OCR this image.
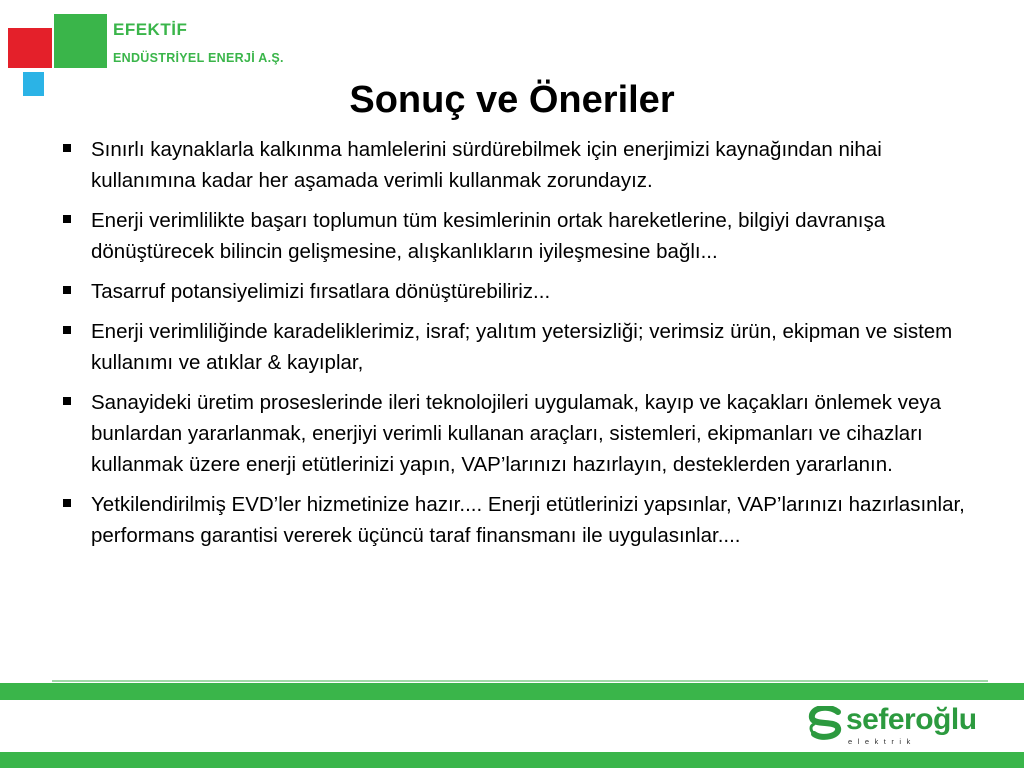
EFEKTİF
ENDÜSTRİYEL ENERJİ A.Ş.
Sonuç ve Öneriler
Sınırlı kaynaklarla kalkınma hamlelerini sürdürebilmek için enerjimizi kaynağından nihai kullanımına kadar her aşamada verimli kullanmak zorundayız.
Enerji verimlilikte başarı toplumun tüm kesimlerinin ortak hareketlerine, bilgiyi davranışa dönüştürecek bilincin gelişmesine, alışkanlıkların iyileşmesine bağlı...
Tasarruf potansiyelimizi fırsatlara dönüştürebiliriz...
Enerji verimliliğinde karadeliklerimiz, israf; yalıtım yetersizliği; verimsiz ürün, ekipman ve sistem kullanımı ve atıklar & kayıplar,
Sanayideki üretim proseslerinde ileri teknolojileri uygulamak, kayıp ve kaçakları önlemek veya bunlardan yararlanmak, enerjiyi verimli kullanan araçları, sistemleri, ekipmanları ve cihazları kullanmak üzere enerji etütlerinizi yapın, VAP’larınızı hazırlayın, desteklerden yararlanın.
Yetkilendirilmiş EVD’ler hizmetinize hazır.... Enerji etütlerinizi yapsınlar, VAP’larınızı hazırlasınlar, performans garantisi vererek üçüncü taraf finansmanı ile uygulasınlar....
seferoğlu
elektrik
